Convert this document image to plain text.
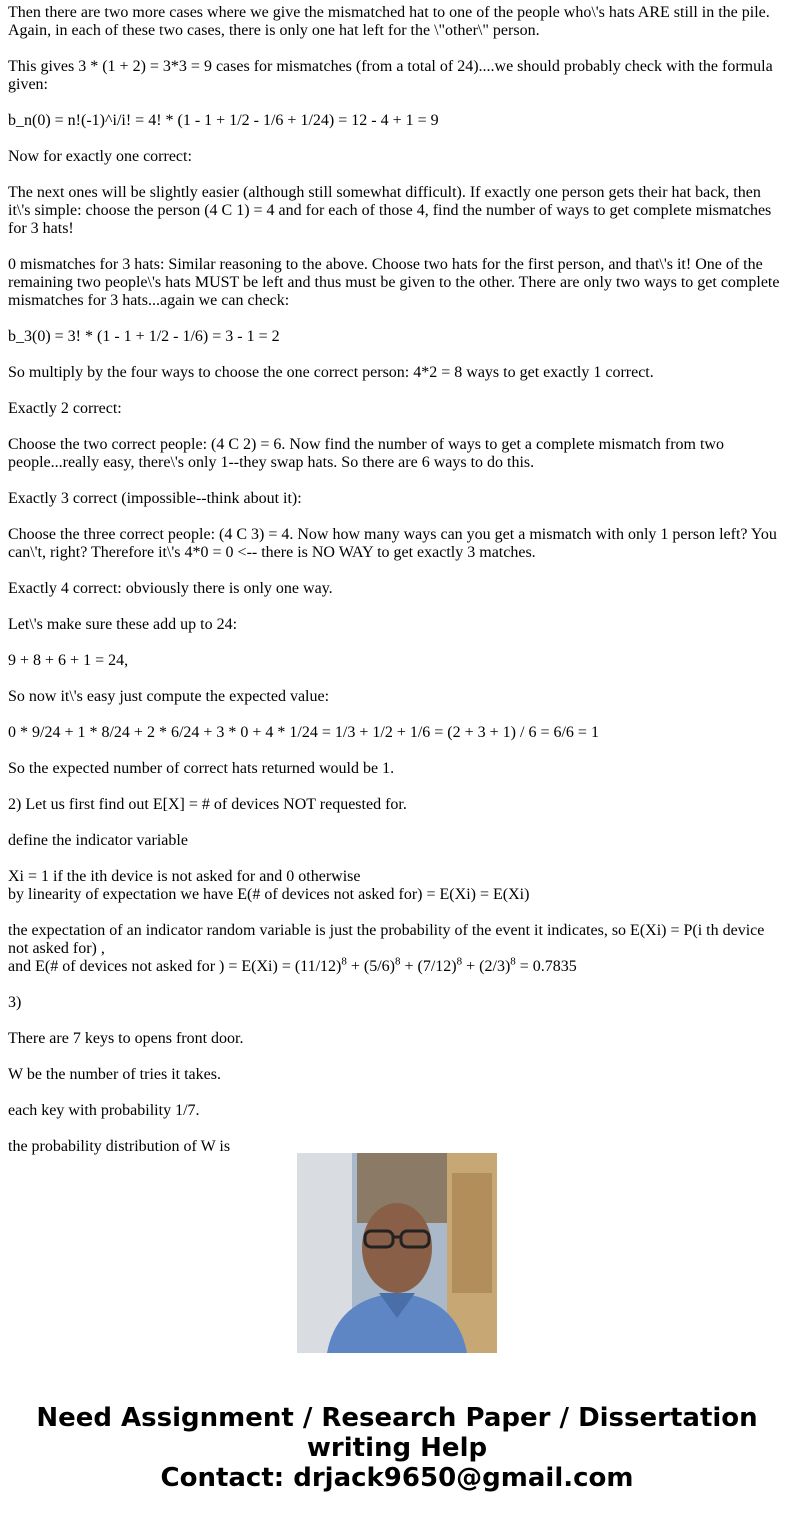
Then there are two more cases where we give the mismatched hat to one of the people who\'s hats ARE still in the pile. Again, in each of these two cases, there is only one hat left for the \"other\" person.

This gives 3 * (1 + 2) = 3*3 = 9 cases for mismatches (from a total of 24)....we should probably check with the formula given:

b_n(0) = n!(-1)^i/i! = 4! * (1 - 1 + 1/2 - 1/6 + 1/24) = 12 - 4 + 1 = 9

Now for exactly one correct:

The next ones will be slightly easier (although still somewhat difficult). If exactly one person gets their hat back, then it\'s simple: choose the person (4 C 1) = 4 and for each of those 4, find the number of ways to get complete mismatches for 3 hats!

0 mismatches for 3 hats: Similar reasoning to the above. Choose two hats for the first person, and that\'s it! One of the remaining two people\'s hats MUST be left and thus must be given to the other. There are only two ways to get complete mismatches for 3 hats...again we can check:

b_3(0) = 3! * (1 - 1 + 1/2 - 1/6) = 3 - 1 = 2

So multiply by the four ways to choose the one correct person: 4*2 = 8 ways to get exactly 1 correct.

Exactly 2 correct:

Choose the two correct people: (4 C 2) = 6. Now find the number of ways to get a complete mismatch from two people...really easy, there\'s only 1--they swap hats. So there are 6 ways to do this.

Exactly 3 correct (impossible--think about it):

Choose the three correct people: (4 C 3) = 4. Now how many ways can you get a mismatch with only 1 person left? You can\'t, right? Therefore it\'s 4*0 = 0 <-- there is NO WAY to get exactly 3 matches.

Exactly 4 correct: obviously there is only one way.

Let\'s make sure these add up to 24:

9 + 8 + 6 + 1 = 24,

So now it\'s easy just compute the expected value:

0 * 9/24 + 1 * 8/24 + 2 * 6/24 + 3 * 0 + 4 * 1/24 = 1/3 + 1/2 + 1/6 = (2 + 3 + 1) / 6 = 6/6 = 1

So the expected number of correct hats returned would be 1.

2) Let us first find out E[X] = # of devices NOT requested for.

define the indicator variable

Xi = 1 if the ith device is not asked for and 0 otherwise

by linearity of expectation we have E(# of devices not asked for) = E(Xi) = E(Xi)

the expectation of an indicator random variable is just the probability of the event it indicates, so E(Xi) = P(i th device not asked for) ,

and E(# of devices not asked for ) = $E(Xi) = (11/12)^8 + (5/6)^8 + (7/12)^8 + (2/3)^8 = 0.7835$

3)

There are 7 keys to opens front door.

W be the number of tries it takes.

each key with probability 1/7.

the probability distribution of W is

Need Assignment / Research Paper / Dissertation
writing Help
Contact: drjack9650@gmail.com
